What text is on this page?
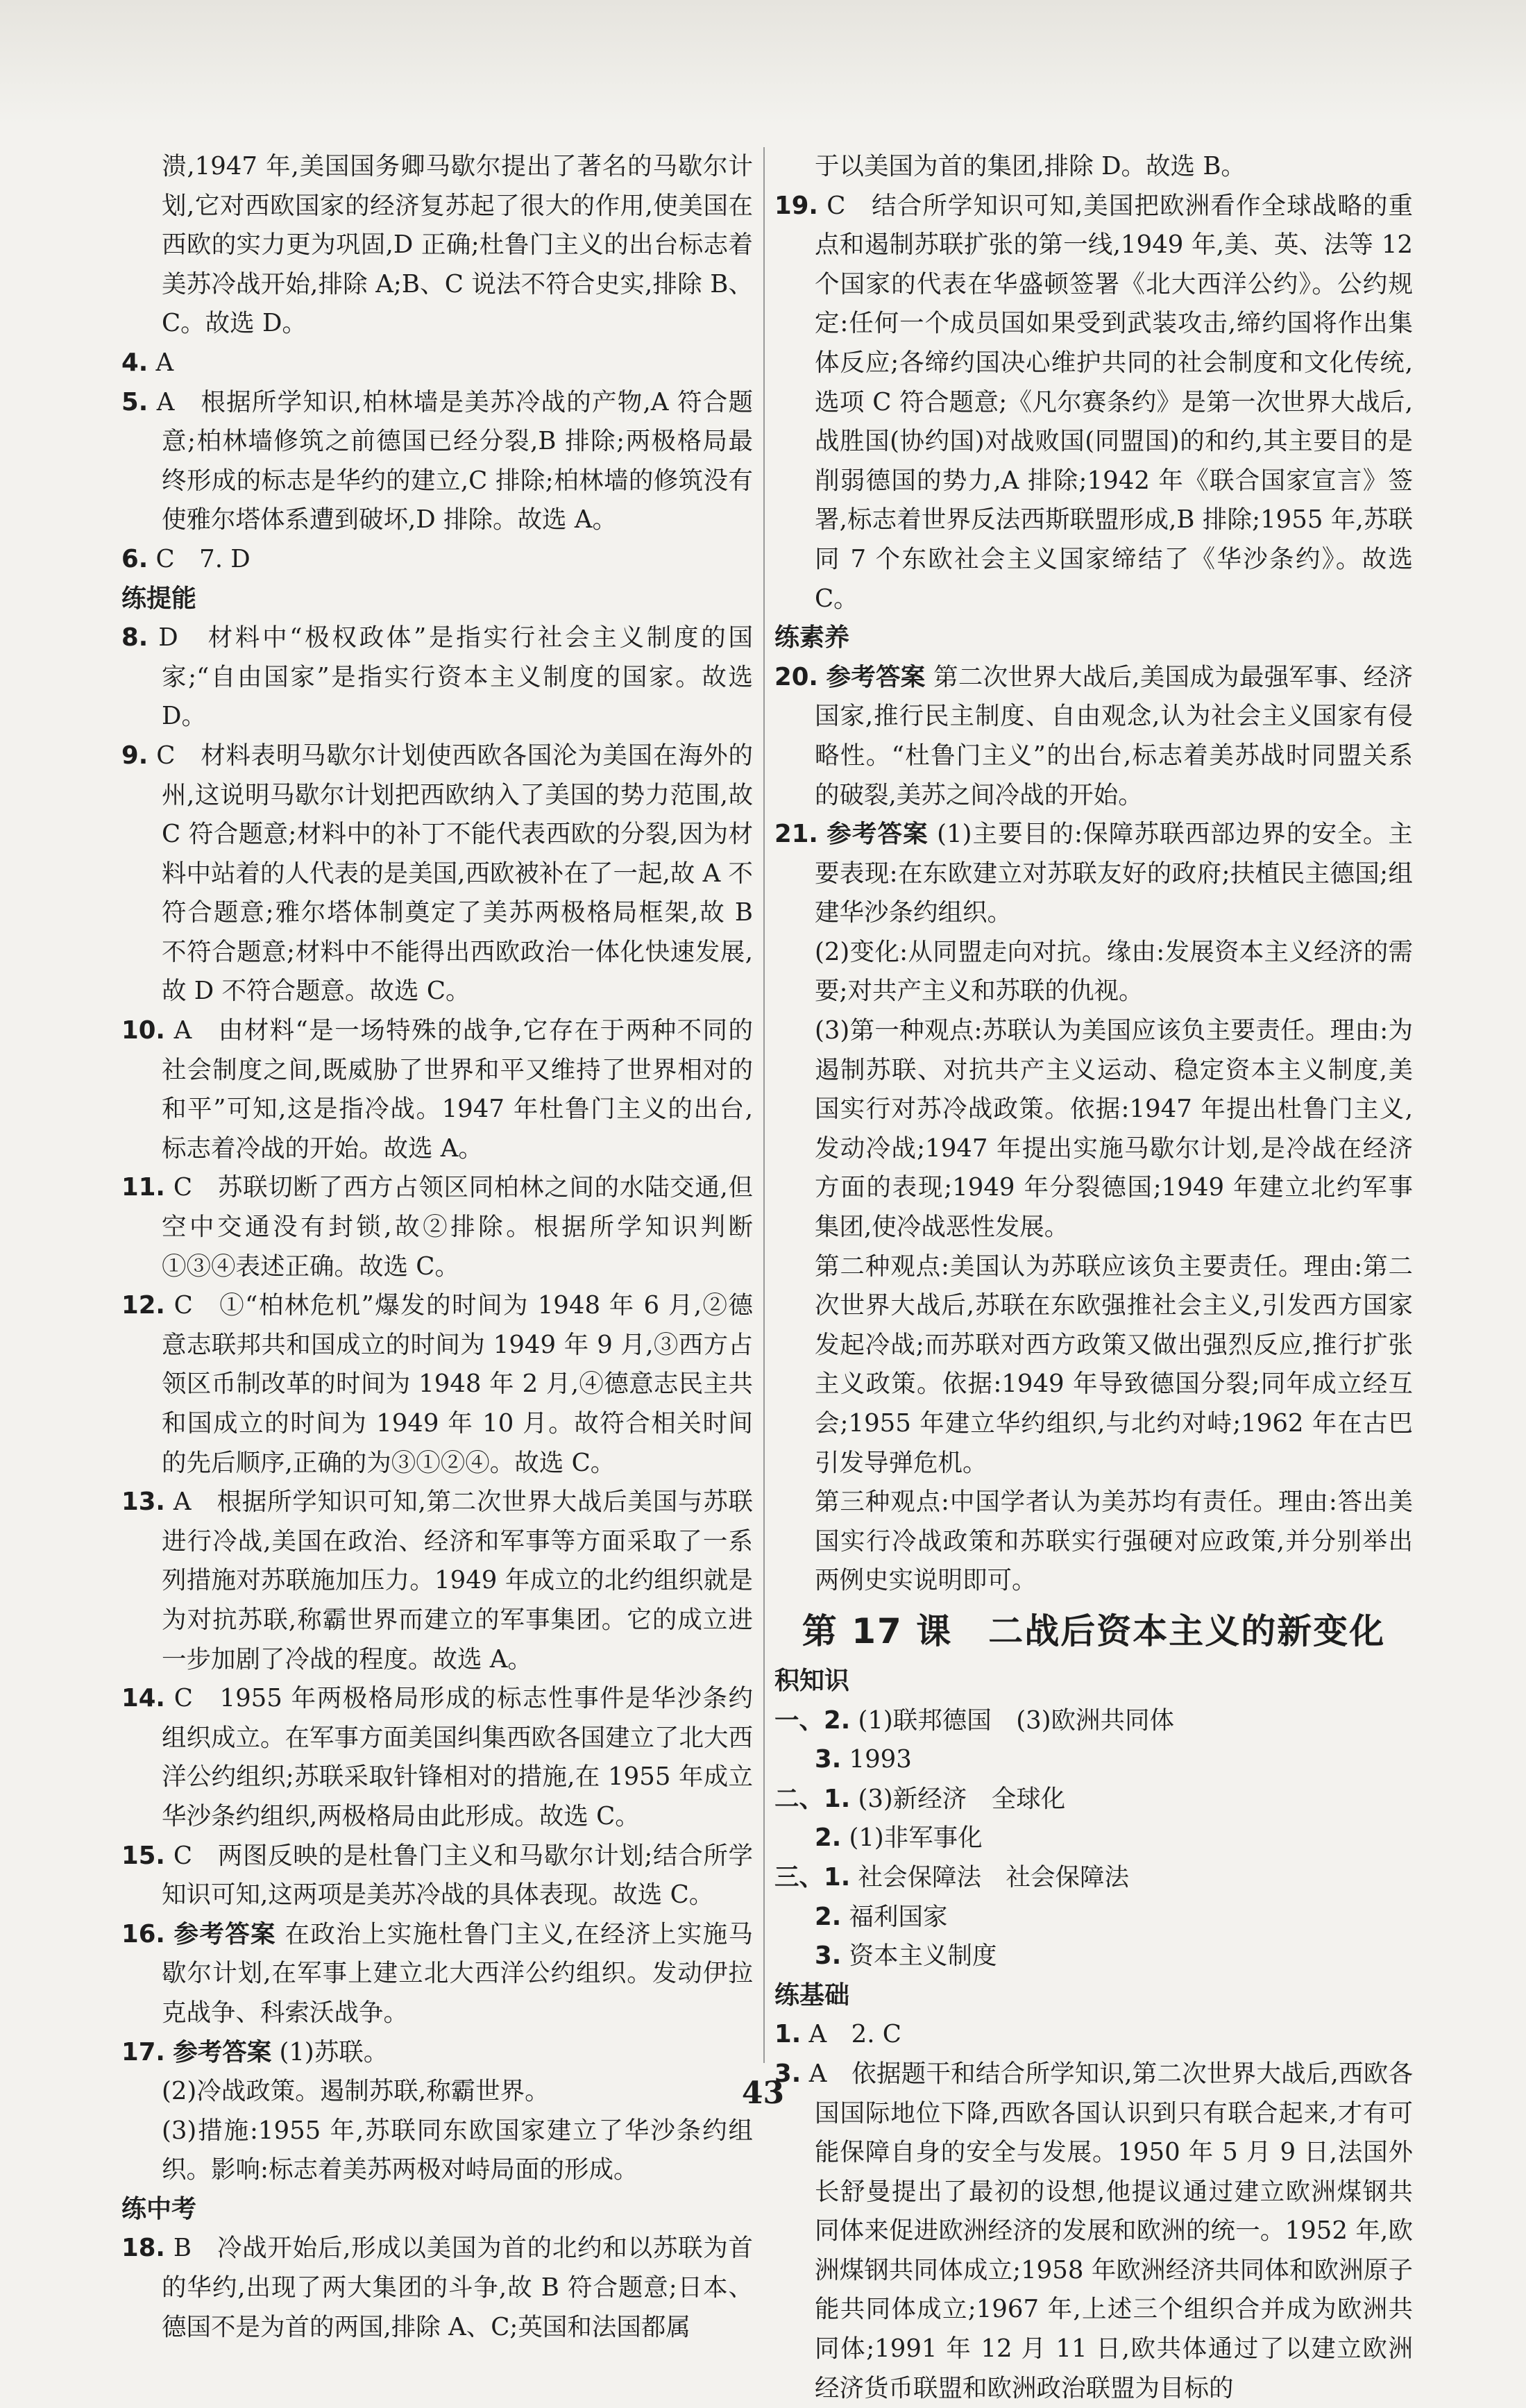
溃,1947 年,美国国务卿马歇尔提出了著名的马歇尔计划,它对西欧国家的经济复苏起了很大的作用,使美国在西欧的实力更为巩固,D 正确;杜鲁门主义的出台标志着美苏冷战开始,排除 A;B、C 说法不符合史实,排除 B、C。故选 D。

4. A

5. A　根据所学知识,柏林墙是美苏冷战的产物,A 符合题意;柏林墙修筑之前德国已经分裂,B 排除;两极格局最终形成的标志是华约的建立,C 排除;柏林墙的修筑没有使雅尔塔体系遭到破坏,D 排除。故选 A。

6. C　7. D

练提能

8. D　材料中“极权政体”是指实行社会主义制度的国家;“自由国家”是指实行资本主义制度的国家。故选 D。

9. C　材料表明马歇尔计划使西欧各国沦为美国在海外的州,这说明马歇尔计划把西欧纳入了美国的势力范围,故 C 符合题意;材料中的补丁不能代表西欧的分裂,因为材料中站着的人代表的是美国,西欧被补在了一起,故 A 不符合题意;雅尔塔体制奠定了美苏两极格局框架,故 B 不符合题意;材料中不能得出西欧政治一体化快速发展,故 D 不符合题意。故选 C。

10. A　由材料“是一场特殊的战争,它存在于两种不同的社会制度之间,既威胁了世界和平又维持了世界相对的和平”可知,这是指冷战。1947 年杜鲁门主义的出台,标志着冷战的开始。故选 A。

11. C　苏联切断了西方占领区同柏林之间的水陆交通,但空中交通没有封锁,故②排除。根据所学知识判断①③④表述正确。故选 C。

12. C　①“柏林危机”爆发的时间为 1948 年 6 月,②德意志联邦共和国成立的时间为 1949 年 9 月,③西方占领区币制改革的时间为 1948 年 2 月,④德意志民主共和国成立的时间为 1949 年 10 月。故符合相关时间的先后顺序,正确的为③①②④。故选 C。

13. A　根据所学知识可知,第二次世界大战后美国与苏联进行冷战,美国在政治、经济和军事等方面采取了一系列措施对苏联施加压力。1949 年成立的北约组织就是为对抗苏联,称霸世界而建立的军事集团。它的成立进一步加剧了冷战的程度。故选 A。

14. C　1955 年两极格局形成的标志性事件是华沙条约组织成立。在军事方面美国纠集西欧各国建立了北大西洋公约组织;苏联采取针锋相对的措施,在 1955 年成立华沙条约组织,两极格局由此形成。故选 C。

15. C　两图反映的是杜鲁门主义和马歇尔计划;结合所学知识可知,这两项是美苏冷战的具体表现。故选 C。

16. 参考答案 在政治上实施杜鲁门主义,在经济上实施马歇尔计划,在军事上建立北大西洋公约组织。发动伊拉克战争、科索沃战争。

17. 参考答案 (1)苏联。

(2)冷战政策。遏制苏联,称霸世界。

(3)措施:1955 年,苏联同东欧国家建立了华沙条约组织。影响:标志着美苏两极对峙局面的形成。

练中考

18. B　冷战开始后,形成以美国为首的北约和以苏联为首的华约,出现了两大集团的斗争,故 B 符合题意;日本、德国不是为首的两国,排除 A、C;英国和法国都属

于以美国为首的集团,排除 D。故选 B。

19. C　结合所学知识可知,美国把欧洲看作全球战略的重点和遏制苏联扩张的第一线,1949 年,美、英、法等 12 个国家的代表在华盛顿签署《北大西洋公约》。公约规定:任何一个成员国如果受到武装攻击,缔约国将作出集体反应;各缔约国决心维护共同的社会制度和文化传统,选项 C 符合题意;《凡尔赛条约》是第一次世界大战后,战胜国(协约国)对战败国(同盟国)的和约,其主要目的是削弱德国的势力,A 排除;1942 年《联合国家宣言》签署,标志着世界反法西斯联盟形成,B 排除;1955 年,苏联同 7 个东欧社会主义国家缔结了《华沙条约》。故选 C。

练素养

20. 参考答案 第二次世界大战后,美国成为最强军事、经济国家,推行民主制度、自由观念,认为社会主义国家有侵略性。“杜鲁门主义”的出台,标志着美苏战时同盟关系的破裂,美苏之间冷战的开始。

21. 参考答案 (1)主要目的:保障苏联西部边界的安全。主要表现:在东欧建立对苏联友好的政府;扶植民主德国;组建华沙条约组织。

(2)变化:从同盟走向对抗。缘由:发展资本主义经济的需要;对共产主义和苏联的仇视。

(3)第一种观点:苏联认为美国应该负主要责任。理由:为遏制苏联、对抗共产主义运动、稳定资本主义制度,美国实行对苏冷战政策。依据:1947 年提出杜鲁门主义,发动冷战;1947 年提出实施马歇尔计划,是冷战在经济方面的表现;1949 年分裂德国;1949 年建立北约军事集团,使冷战恶性发展。

第二种观点:美国认为苏联应该负主要责任。理由:第二次世界大战后,苏联在东欧强推社会主义,引发西方国家发起冷战;而苏联对西方政策又做出强烈反应,推行扩张主义政策。依据:1949 年导致德国分裂;同年成立经互会;1955 年建立华约组织,与北约对峙;1962 年在古巴引发导弹危机。

第三种观点:中国学者认为美苏均有责任。理由:答出美国实行冷战政策和苏联实行强硬对应政策,并分别举出两例史实说明即可。

第 17 课　二战后资本主义的新变化

积知识

一、2. (1)联邦德国　(3)欧洲共同体

3. 1993

二、1. (3)新经济　全球化

2. (1)非军事化

三、1. 社会保障法　社会保障法

2. 福利国家

3. 资本主义制度

练基础

1. A　2. C

3. A　依据题干和结合所学知识,第二次世界大战后,西欧各国国际地位下降,西欧各国认识到只有联合起来,才有可能保障自身的安全与发展。1950 年 5 月 9 日,法国外长舒曼提出了最初的设想,他提议通过建立欧洲煤钢共同体来促进欧洲经济的发展和欧洲的统一。1952 年,欧洲煤钢共同体成立;1958 年欧洲经济共同体和欧洲原子能共同体成立;1967 年,上述三个组织合并成为欧洲共同体;1991 年 12 月 11 日,欧共体通过了以建立欧洲经济货币联盟和欧洲政治联盟为目标的

43
